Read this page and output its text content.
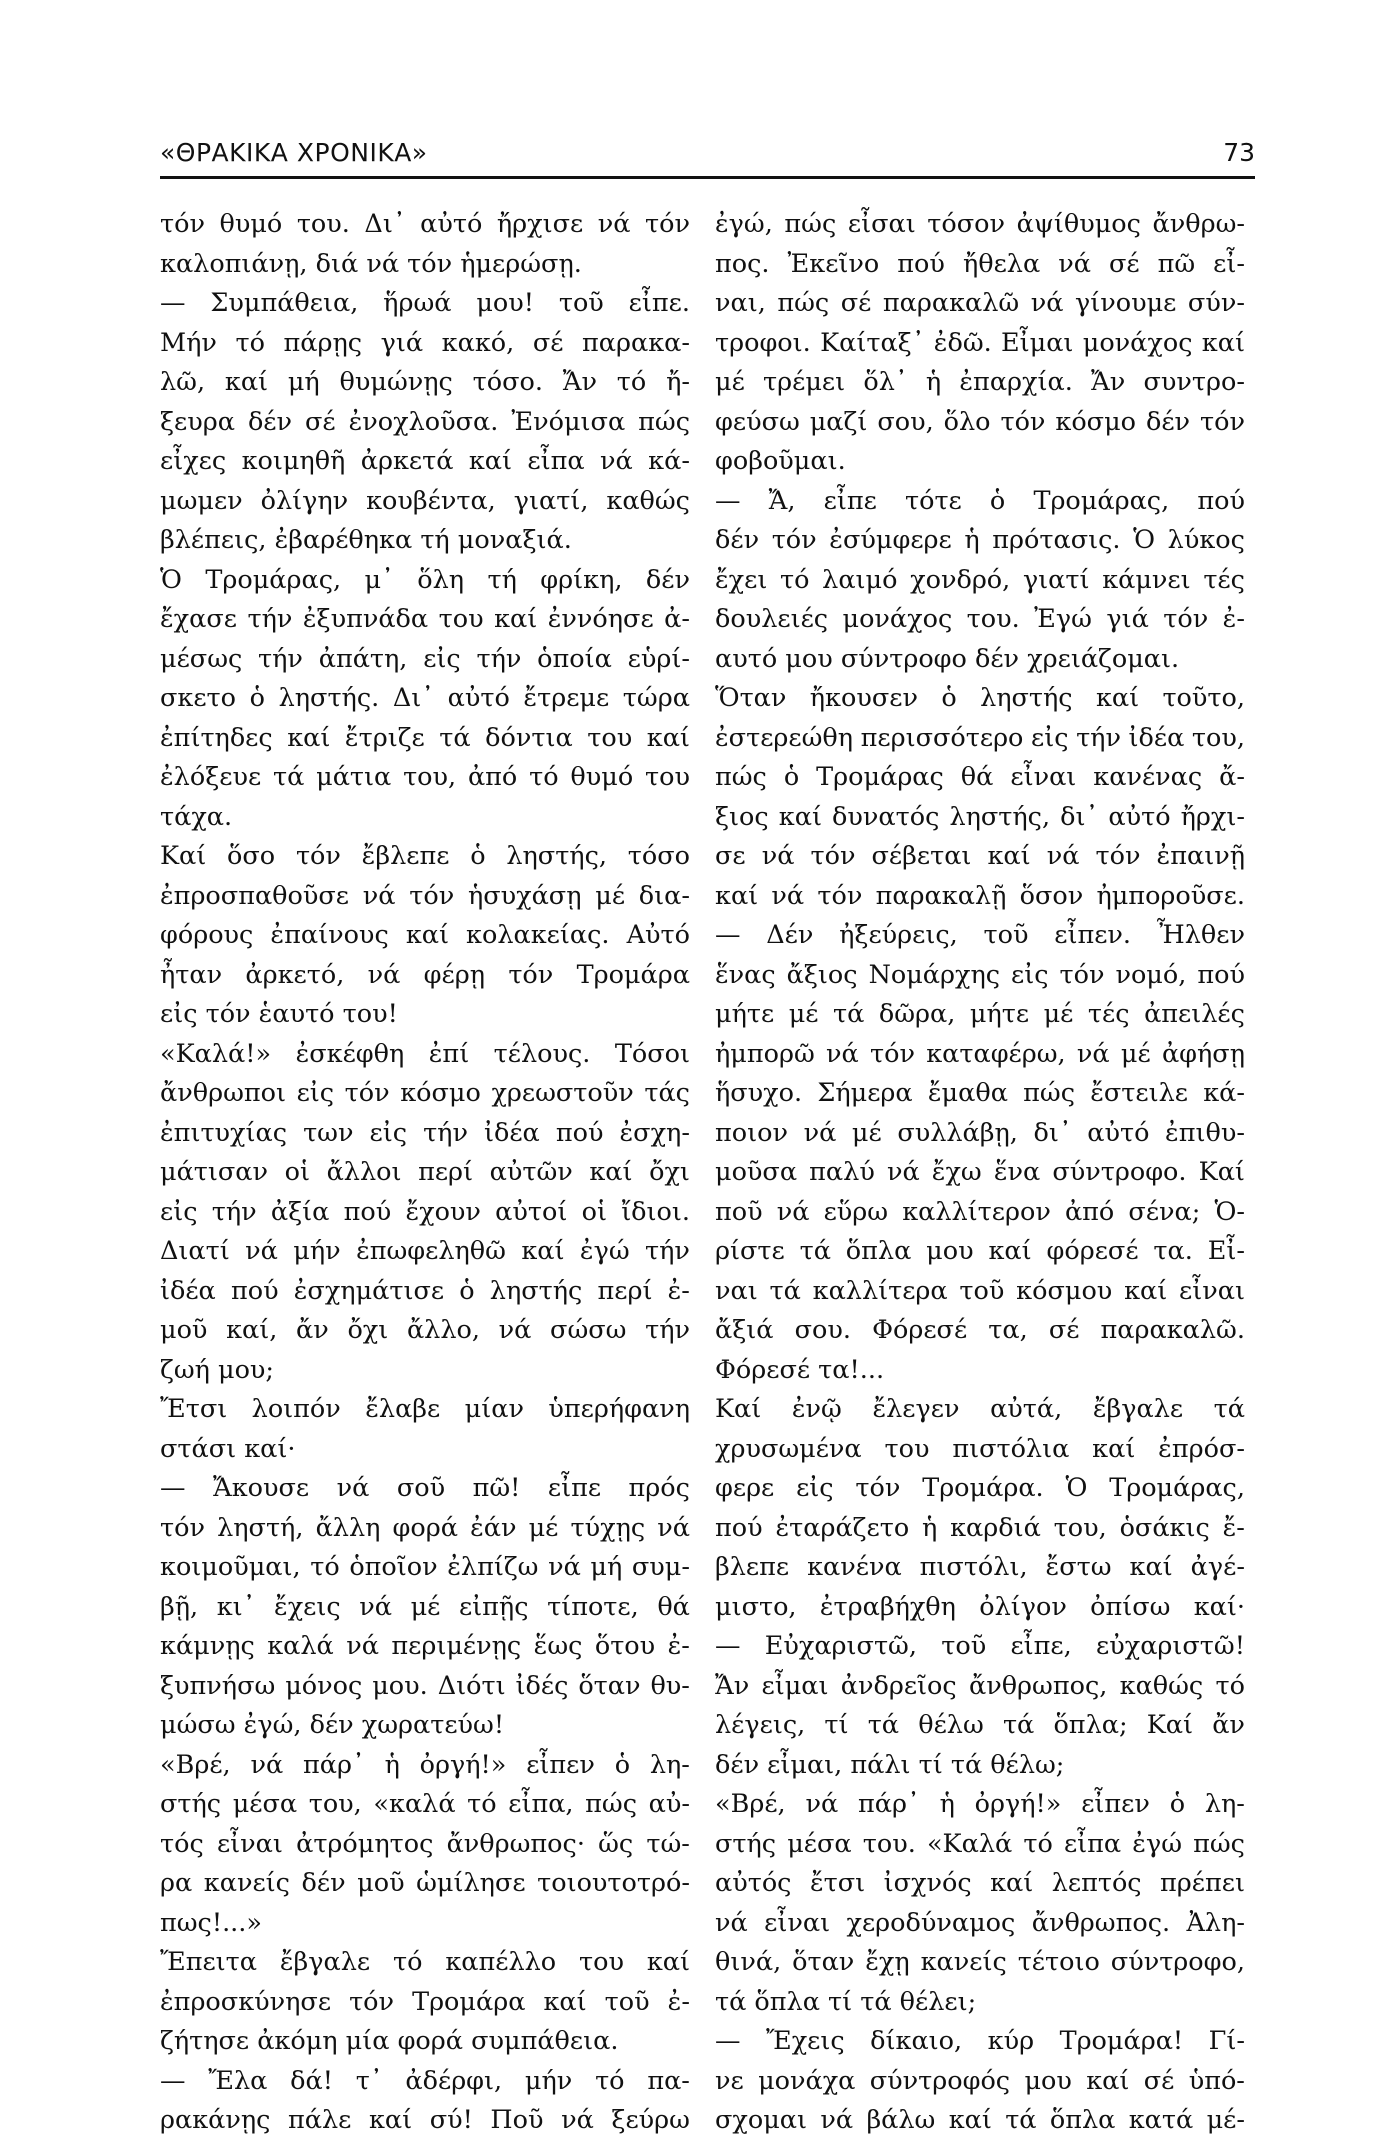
«ΘΡΑΚΙΚΑ ΧΡΟΝΙΚΑ»	73
τόν θυμό του. Δι᾽ αὐτό ἤρχισε νά τόν
καλοπιάνῃ, διά νά τόν ἡμερώσῃ.
— Συμπάθεια, ἥρωά μου! τοῦ εἶπε.
Μήν τό πάρῃς γιά κακό, σέ παρακα-
λῶ, καί μή θυμώνῃς τόσο. Ἄν τό ἤ-
ξευρα δέν σέ ἐνοχλοῦσα. Ἐνόμισα πώς
εἶχες κοιμηθῆ ἀρκετά καί εἶπα νά κά-
μωμεν ὀλίγην κουβέντα, γιατί, καθώς
βλέπεις, ἐβαρέθηκα τή μοναξιά.
Ὁ Τρομάρας, μ᾽ ὅλη τή φρίκη, δέν
ἔχασε τήν ἐξυπνάδα του καί ἐννόησε ἀ-
μέσως τήν ἀπάτη, εἰς τήν ὁποία εὑρί-
σκετο ὁ ληστής. Δι᾽ αὐτό ἔτρεμε τώρα
ἐπίτηδες καί ἔτριζε τά δόντια του καί
ἐλόξευε τά μάτια του, ἀπό τό θυμό του
τάχα.
Καί ὅσο τόν ἔβλεπε ὁ ληστής, τόσο
ἐπροσπαθοῦσε νά τόν ἡσυχάσῃ μέ δια-
φόρους ἐπαίνους καί κολακείας. Αὐτό
ἦταν ἀρκετό, νά φέρῃ τόν Τρομάρα
εἰς τόν ἑαυτό του!
«Καλά!» ἐσκέφθη ἐπί τέλους. Τόσοι
ἄνθρωποι εἰς τόν κόσμο χρεωστοῦν τάς
ἐπιτυχίας των εἰς τήν ἰδέα πού ἐσχη-
μάτισαν οἱ ἄλλοι περί αὐτῶν καί ὄχι
εἰς τήν ἀξία πού ἔχουν αὐτοί οἱ ἴδιοι.
Διατί νά μήν ἐπωφεληθῶ καί ἐγώ τήν
ἰδέα πού ἐσχημάτισε ὁ ληστής περί ἐ-
μοῦ καί, ἄν ὄχι ἄλλο, νά σώσω τήν
ζωή μου;
Ἔτσι λοιπόν ἔλαβε μίαν ὑπερήφανη
στάσι καί·
— Ἄκουσε νά σοῦ πῶ! εἶπε πρός
τόν ληστή, ἄλλη φορά ἐάν μέ τύχῃς νά
κοιμοῦμαι, τό ὁποῖον ἐλπίζω νά μή συμ-
βῇ, κι᾽ ἔχεις νά μέ εἰπῇς τίποτε, θά
κάμνῃς καλά νά περιμένῃς ἕως ὅτου ἐ-
ξυπνήσω μόνος μου. Διότι ἰδές ὅταν θυ-
μώσω ἐγώ, δέν χωρατεύω!
«Βρέ, νά πάρ᾽ ἡ ὀργή!» εἶπεν ὁ λη-
στής μέσα του, «καλά τό εἶπα, πώς αὐ-
τός εἶναι ἀτρόμητος ἄνθρωπος· ὥς τώ-
ρα κανείς δέν μοῦ ὡμίλησε τοιουτοτρό-
πως!...»
Ἔπειτα ἔβγαλε τό καπέλλο του καί
ἐπροσκύνησε τόν Τρομάρα καί τοῦ ἐ-
ζήτησε ἀκόμη μία φορά συμπάθεια.
— Ἔλα δά! τ᾽ ἀδέρφι, μήν τό πα-
ρακάνῃς πάλε καί σύ! Ποῦ νά ξεύρω
ἐγώ, πώς εἶσαι τόσον ἀψίθυμος ἄνθρω-
πος. Ἐκεῖνο πού ἤθελα νά σέ πῶ εἶ-
ναι, πώς σέ παρακαλῶ νά γίνουμε σύν-
τροφοι. Καίταξ᾽ ἐδῶ. Εἶμαι μονάχος καί
μέ τρέμει ὅλ᾽ ἡ ἐπαρχία. Ἄν συντρο-
φεύσω μαζί σου, ὅλο τόν κόσμο δέν τόν
φοβοῦμαι.
— Ἄ, εἶπε τότε ὁ Τρομάρας, πού
δέν τόν ἐσύμφερε ἡ πρότασις. Ὁ λύκος
ἔχει τό λαιμό χονδρό, γιατί κάμνει τές
δουλειές μονάχος του. Ἐγώ γιά τόν ἐ-
αυτό μου σύντροφο δέν χρειάζομαι.
Ὅταν ἤκουσεν ὁ ληστής καί τοῦτο,
ἐστερεώθη περισσότερο εἰς τήν ἰδέα του,
πώς ὁ Τρομάρας θά εἶναι κανένας ἄ-
ξιος καί δυνατός ληστής, δι᾽ αὐτό ἤρχι-
σε νά τόν σέβεται καί νά τόν ἐπαινῇ
καί νά τόν παρακαλῇ ὅσον ἠμποροῦσε.
— Δέν ἠξεύρεις, τοῦ εἶπεν. Ἦλθεν
ἕνας ἄξιος Νομάρχης εἰς τόν νομό, πού
μήτε μέ τά δῶρα, μήτε μέ τές ἀπειλές
ἠμπορῶ νά τόν καταφέρω, νά μέ ἀφήσῃ
ἥσυχο. Σήμερα ἔμαθα πώς ἔστειλε κά-
ποιον νά μέ συλλάβῃ, δι᾽ αὐτό ἐπιθυ-
μοῦσα παλύ νά ἔχω ἕνα σύντροφο. Καί
ποῦ νά εὕρω καλλίτερον ἀπό σένα; Ὁ-
ρίστε τά ὅπλα μου καί φόρεσέ τα. Εἶ-
ναι τά καλλίτερα τοῦ κόσμου καί εἶναι
ἄξιά σου. Φόρεσέ τα, σέ παρακαλῶ.
Φόρεσέ τα!...
Καί ἐνῷ ἔλεγεν αὐτά, ἔβγαλε τά
χρυσωμένα του πιστόλια καί ἐπρόσ-
φερε εἰς τόν Τρομάρα. Ὁ Τρομάρας,
πού ἐταράζετο ἡ καρδιά του, ὁσάκις ἔ-
βλεπε κανένα πιστόλι, ἔστω καί ἀγέ-
μιστο, ἐτραβήχθη ὀλίγον ὀπίσω καί·
— Εὐχαριστῶ, τοῦ εἶπε, εὐχαριστῶ!
Ἄν εἶμαι ἀνδρεῖος ἄνθρωπος, καθώς τό
λέγεις, τί τά θέλω τά ὅπλα; Καί ἄν
δέν εἶμαι, πάλι τί τά θέλω;
«Βρέ, νά πάρ᾽ ἡ ὀργή!» εἶπεν ὁ λη-
στής μέσα του. «Καλά τό εἶπα ἐγώ πώς
αὐτός ἔτσι ἰσχνός καί λεπτός πρέπει
νά εἶναι χεροδύναμος ἄνθρωπος. Ἀλη-
θινά, ὅταν ἔχῃ κανείς τέτοιο σύντροφο,
τά ὅπλα τί τά θέλει;
— Ἔχεις δίκαιο, κύρ Τρομάρα! Γί-
νε μονάχα σύντροφός μου καί σέ ὑπό-
σχομαι νά βάλω καί τά ὅπλα κατά μέ-
